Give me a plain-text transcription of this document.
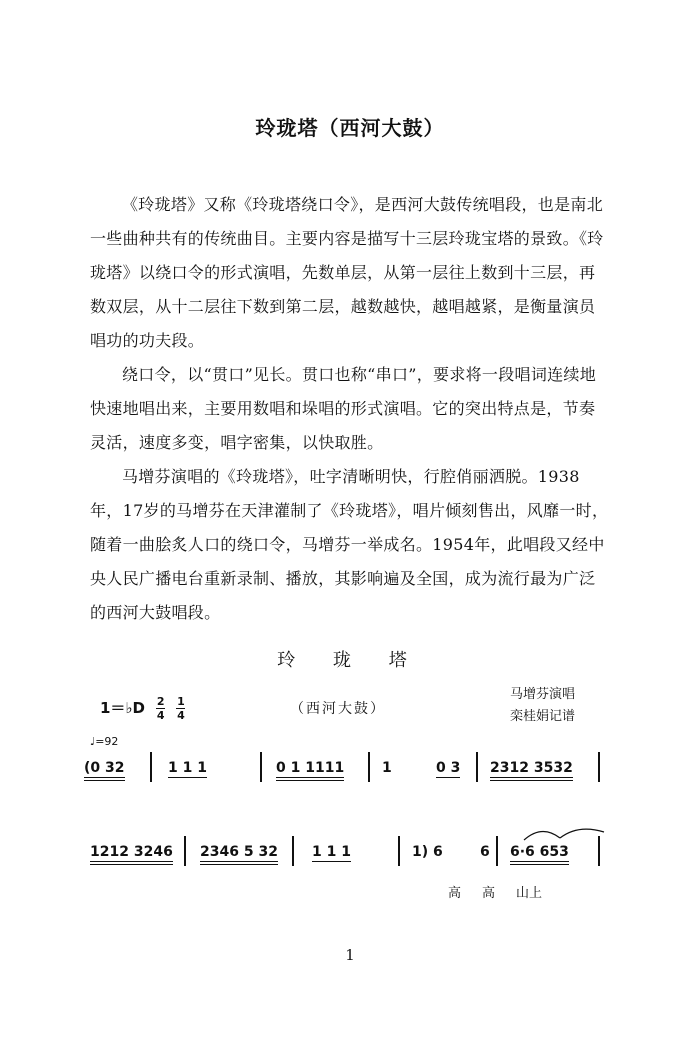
玲珑塔（西河大鼓）

《玲珑塔》又称《玲珑塔绕口令》，是西河大鼓传统唱段，也是南北一些曲种共有的传统曲目。主要内容是描写十三层玲珑宝塔的景致。《玲珑塔》以绕口令的形式演唱，先数单层，从第一层往上数到十三层，再数双层，从十二层往下数到第二层，越数越快，越唱越紧，是衡量演员唱功的功夫段。

绕口令，以“贯口”见长。贯口也称“串口”，要求将一段唱词连续地快速地唱出来，主要用数唱和垛唱的形式演唱。它的突出特点是，节奏灵活，速度多变，唱字密集，以快取胜。

马增芬演唱的《玲珑塔》，吐字清晰明快，行腔俏丽洒脱。1938年，17岁的马增芬在天津灌制了《玲珑塔》，唱片倾刻售出，风靡一时，随着一曲脍炙人口的绕口令，马增芬一举成名。1954年，此唱段又经中央人民广播电台重新录制、播放，其影响遍及全国，成为流行最为广泛的西河大鼓唱段。

玲 珑 塔
1＝♭D $\frac{2}{4}$
$\frac{1}{4}$	（西河大鼓）
马增芬演唱
栾桂娟记谱
♩=92
(0 32	1 1 1	0 1 1111	1	0 3 2312 3532
1212 3246 2346 5 32 1 1 1	1) 6	6 6·6 653
高 高 山上
1
